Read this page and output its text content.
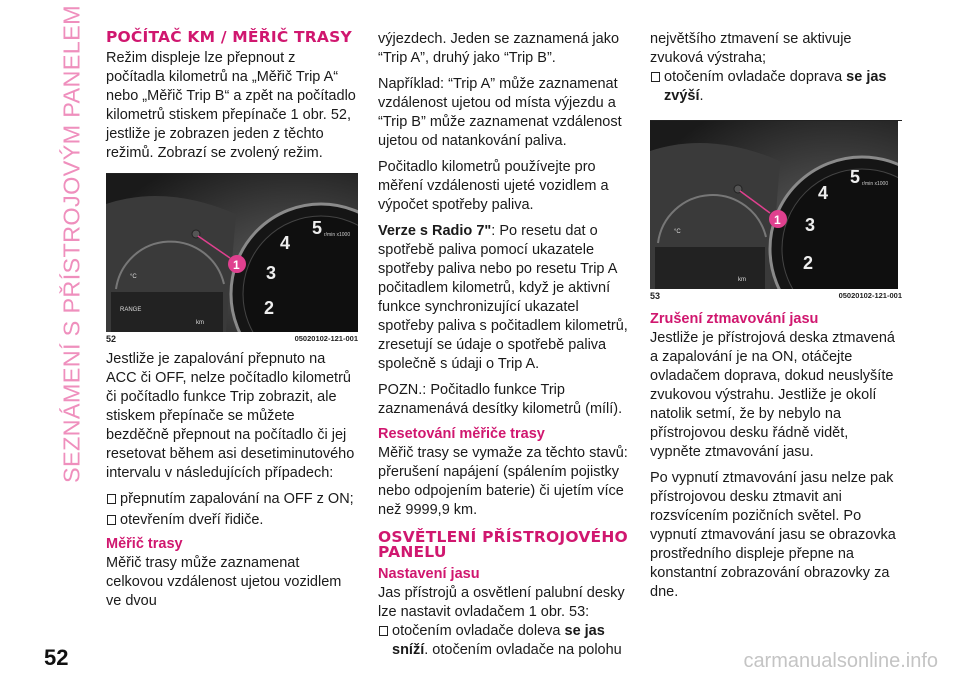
SEZNÁMENÍ S PŘÍSTROJOVÝM PANELEM POČÍTAČ KM / MĚŘIČ TRASY

Režim displeje lze přepnout z počítadla kilometrů na „Měřič Trip A“ nebo „Měřič Trip B“ a zpět na počítadlo kilometrů stiskem přepínače 1 obr. 52, jestliže je zobrazen jeden z těchto režimů. Zobrazí se zvolený režim.

5
4
3
2
r/min x1000
RANGE
km
°C
1
52	05020102-121-001

Jestliže je zapalování přepnuto na ACC či OFF, nelze počítadlo kilometrů či počítadlo funkce Trip zobrazit, ale stiskem přepínače se můžete bezděčně přepnout na počítadlo či jej resetovat během asi desetiminutového intervalu v následujících případech:

přepnutím zapalování na OFF z ON;
otevřením dveří řidiče.
Měřič trasy

Měřič trasy může zaznamenat celkovou vzdálenost ujetou vozidlem ve dvou

výjezdech. Jeden se zaznamená jako “Trip A”, druhý jako “Trip B”.

Například: “Trip A” může zaznamenat vzdálenost ujetou od místa výjezdu a “Trip B” může zaznamenat vzdálenost ujetou od natankování paliva.

Počitadlo kilometrů používejte pro měření vzdálenosti ujeté vozidlem a výpočet spotřeby paliva.

Verze s Radio 7": Po resetu dat o spotřebě paliva pomocí ukazatele spotřeby paliva nebo po resetu Trip A počitadlem kilometrů, když je aktivní funkce synchronizující ukazatel spotřeby paliva s počitadlem kilometrů, zresetují se údaje o spotřebě paliva společně s údaji o Trip A.

POZN.: Počitadlo funkce Trip zaznamenává desítky kilometrů (mílí).

Resetování měřiče trasy

Měřič trasy se vymaže za těchto stavů: přerušení napájení (spálením pojistky nebo odpojením baterie) či ujetím více než 9999,9 km.

OSVĚTLENÍ PŘÍSTROJOVÉHO PANELU
Nastavení jasu

Jas přístrojů a osvětlení palubní desky lze nastavit ovladačem 1 obr. 53:

otočením ovladače doleva se jas sníží. otočením ovladače na polohu

největšího ztmavení se aktivuje zvuková výstraha;

otočením ovladače doprava se jas zvýší.
5
4
3
2
r/min x1000
°C
km
1
53	05020102-121-001
Zrušení ztmavování jasu

Jestliže je přístrojová deska ztmavená a zapalování je na ON, otáčejte ovladačem doprava, dokud neuslyšíte zvukovou výstrahu. Jestliže je okolí natolik setmí, že by nebylo na přístrojovou desku řádně vidět, vypněte ztmavování jasu.

Po vypnutí ztmavování jasu nelze pak přístrojovou desku ztmavit ani rozsvícením pozičních světel. Po vypnutí ztmavování jasu se obrazovka prostředního displeje přepne na konstantní zobrazování obrazovky za dne.

52	carmanualsonline.info
